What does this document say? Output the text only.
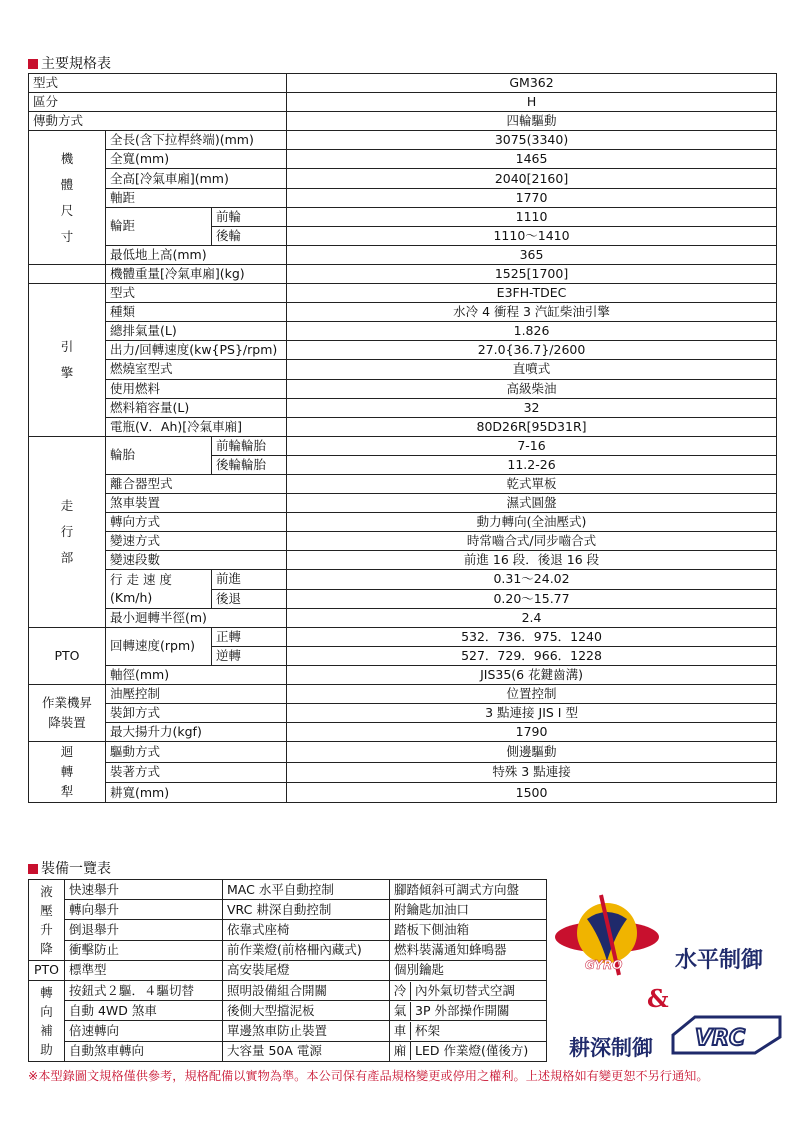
主要規格表
型式			GM362
區分			H
傳動方式			四輪驅動

機體尺寸	全長(含下拉桿終端)(mm)		3075(3340)
	全寬(mm)		1465
	全高[冷氣車廂](mm)		2040[2160]
	軸距		1770
	輪距	前輪	1110
		後輪	1110～1410
	最低地上高(mm)		365
	機體重量[冷氣車廂](kg)		1525[1700]

引擎	型式		E3FH-TDEC
	種類		水冷 4 衝程 3 汽缸柴油引擎
	總排氣量(L)		1.826
	出力/回轉速度(kw{PS}/rpm)		27.0{36.7}/2600
	燃燒室型式		直噴式
	使用燃料		高級柴油
	燃料箱容量(L)		32
	電瓶(V．Ah)[冷氣車廂]		80D26R[95D31R]

走行部	輪胎	前輪輪胎	7-16
		後輪輪胎	11.2-26
	離合器型式		乾式單板
	煞車裝置		濕式圓盤
	轉向方式		動力轉向(全油壓式)
	變速方式		時常嚙合式/同步嚙合式
	變速段數		前進 16 段．後退 16 段
	行 走 速 度	前進	0.31～24.02
	(Km/h)	後退	0.20～15.77
	最小迴轉半徑(m)		2.4
PTO	回轉速度(rpm)	正轉	532．736．975．1240
		逆轉	527．729．966．1228
	軸徑(mm)		JIS35(6 花鍵齒溝)

作業機昇降裝置	油壓控制		位置控制
	裝卸方式		3 點連接 JIS I 型
	最大揚升力(kgf)		1790

迴轉犁	驅動方式		側邊驅動
	裝著方式		特殊 3 點連接
	耕寬(mm)		1500
裝備一覽表
液壓升降	快速舉升	MAC 水平自動控制	腳踏傾斜可調式方向盤
	轉向舉升	VRC 耕深自動控制	附鑰匙加油口
	倒退舉升	依靠式座椅	踏板下側油箱
	衝擊防止	前作業燈(前格柵內藏式)	燃料裝滿通知蜂鳴器
PTO	標準型	高安裝尾燈	個別鑰匙

轉向補助	按鈕式２驅．４驅切替	照明設備組合開關	冷 內外氣切替式空調
	自動 4WD 煞車	後側大型擋泥板	氣 3P 外部操作開關
	倍速轉向	單邊煞車防止裝置	車 杯架
	自動煞車轉向	大容量 50A 電源	廂 LED 作業燈(僅後方)
GYRO 水平制御
&
耕深制御 VRC
※本型錄圖文規格僅供參考，規格配備以實物為準。本公司保有產品規格變更或停用之權利。上述規格如有變更恕不另行通知。
